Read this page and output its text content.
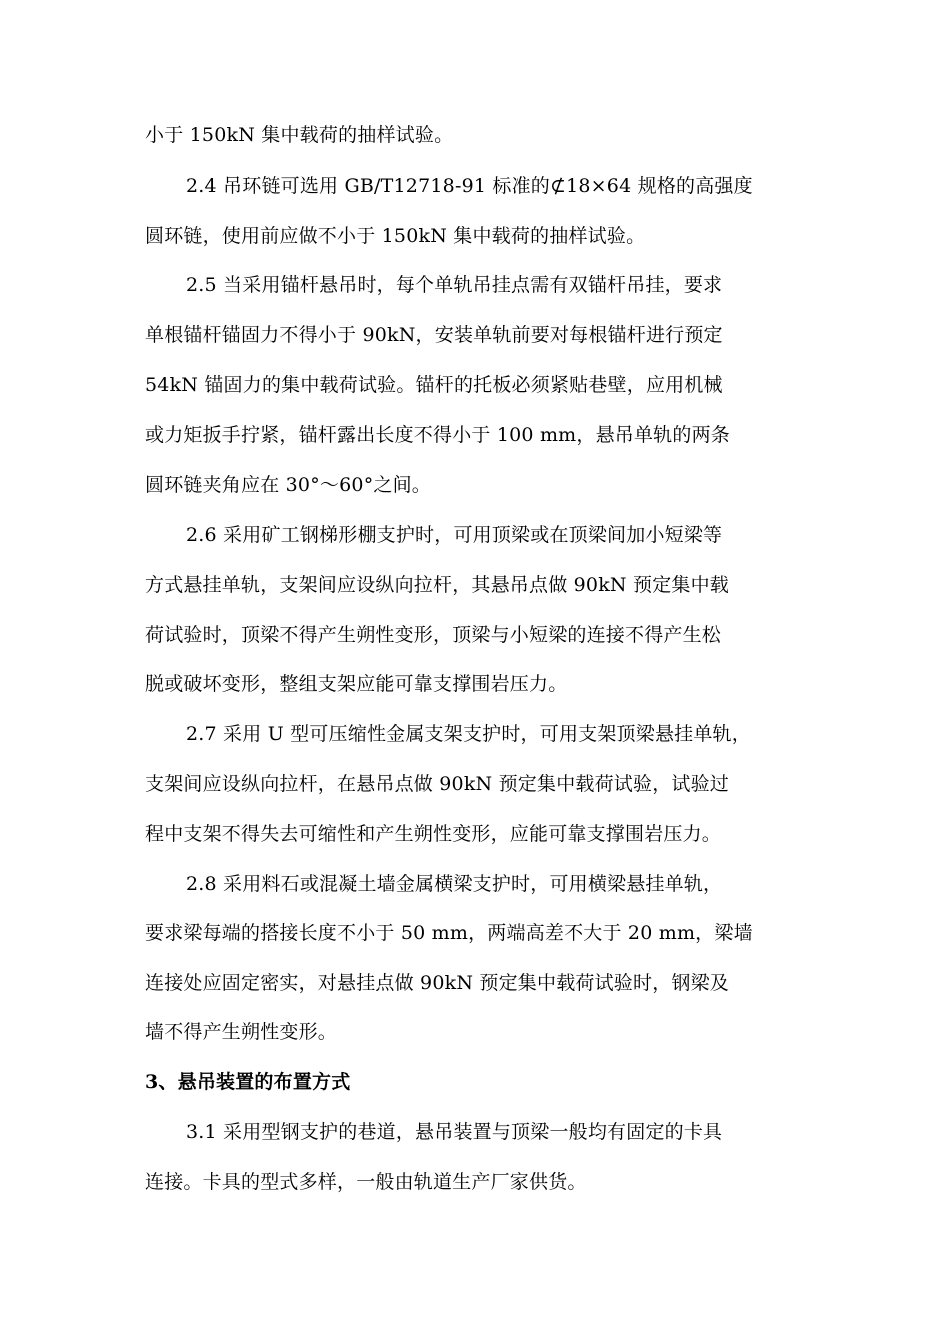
小于 150kN 集中载荷的抽样试验。
2.4 吊环链可选用 GB/T12718-91 标准的⊄18×64 规格的高强度
圆环链，使用前应做不小于 150kN 集中载荷的抽样试验。
2.5 当采用锚杆悬吊时，每个单轨吊挂点需有双锚杆吊挂，要求
单根锚杆锚固力不得小于 90kN，安装单轨前要对每根锚杆进行预定
54kN 锚固力的集中载荷试验。锚杆的托板必须紧贴巷壁，应用机械
或力矩扳手拧紧，锚杆露出长度不得小于 100 mm，悬吊单轨的两条
圆环链夹角应在 30°～60°之间。
2.6 采用矿工钢梯形棚支护时，可用顶梁或在顶梁间加小短梁等
方式悬挂单轨，支架间应设纵向拉杆，其悬吊点做 90kN 预定集中载
荷试验时，顶梁不得产生朔性变形，顶梁与小短梁的连接不得产生松
脱或破坏变形，整组支架应能可靠支撑围岩压力。
2.7 采用 U 型可压缩性金属支架支护时，可用支架顶梁悬挂单轨，
支架间应设纵向拉杆，在悬吊点做 90kN 预定集中载荷试验，试验过
程中支架不得失去可缩性和产生朔性变形，应能可靠支撑围岩压力。
2.8 采用料石或混凝土墙金属横梁支护时，可用横梁悬挂单轨，
要求梁每端的搭接长度不小于 50 mm，两端高差不大于 20 mm，梁墙
连接处应固定密实，对悬挂点做 90kN 预定集中载荷试验时，钢梁及
墙不得产生朔性变形。
3、悬吊装置的布置方式
3.1 采用型钢支护的巷道，悬吊装置与顶梁一般均有固定的卡具
连接。卡具的型式多样，一般由轨道生产厂家供货。
